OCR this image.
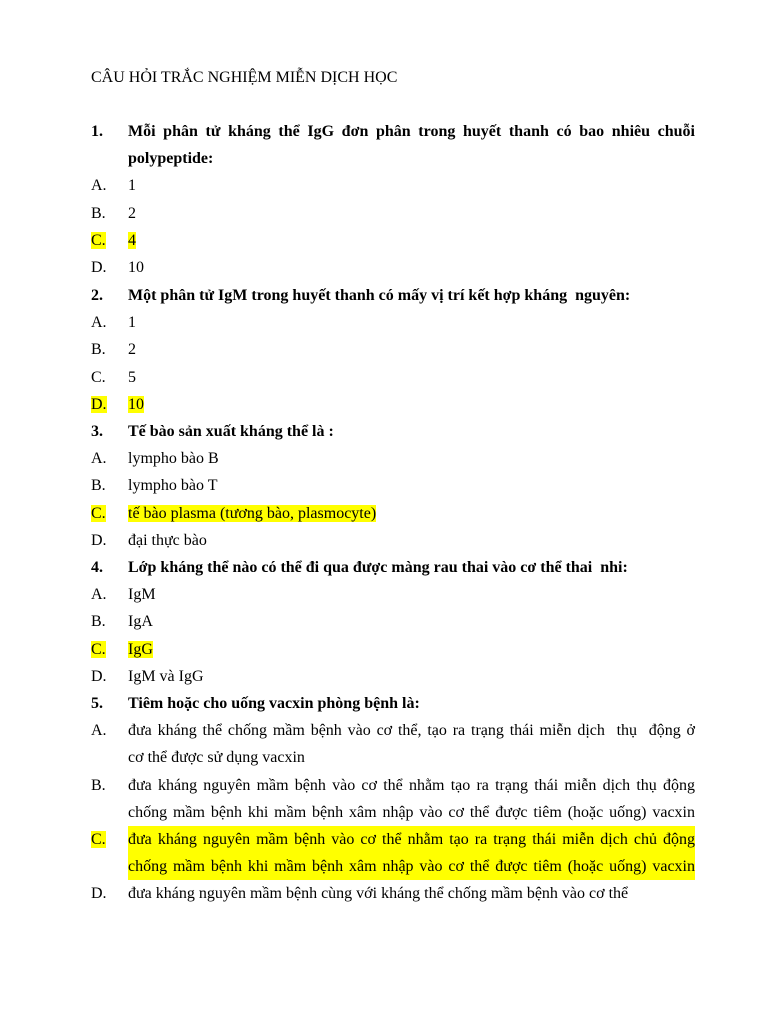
CÂU HỎI TRẮC NGHIỆM MIỄN DỊCH HỌC
1.	Mỗi phân tử kháng thể IgG đơn phân trong huyết thanh có bao nhiêu chuỗi
polypeptide:
A.	1
B.	2
C.	4
D.	10
2.	Một phân tử IgM trong huyết thanh có mấy vị trí kết hợp kháng  nguyên:
A.	1
B.	2
C.	5
D.	10
3.	Tế bào sản xuất kháng thể là :
A.	lympho bào B
B.	lympho bào T
C.	tế bào plasma (tương bào, plasmocyte)
D.	đại thực bào
4.	Lớp kháng thể nào có thể đi qua được màng rau thai vào cơ thể thai  nhi:
A.	IgM
B.	IgA
C.	IgG
D.	IgM và IgG
5.	Tiêm hoặc cho uống vacxin phòng bệnh là:
A.	đưa kháng thể chống mầm bệnh vào cơ thể, tạo ra trạng thái miễn dịch  thụ  động ở
cơ thể được sử dụng vacxin
B.	đưa kháng nguyên mầm bệnh vào cơ thể nhằm tạo ra trạng thái miễn dịch thụ động
chống mầm bệnh khi mầm bệnh xâm nhập vào cơ thể được tiêm (hoặc uống) vacxin
C.	đưa kháng nguyên mầm bệnh vào cơ thể nhằm tạo ra trạng thái miễn dịch chủ động
chống mầm bệnh khi mầm bệnh xâm nhập vào cơ thể được tiêm (hoặc uống) vacxin
D.	đưa kháng nguyên mầm bệnh cùng với kháng thể chống mầm bệnh vào cơ thể
